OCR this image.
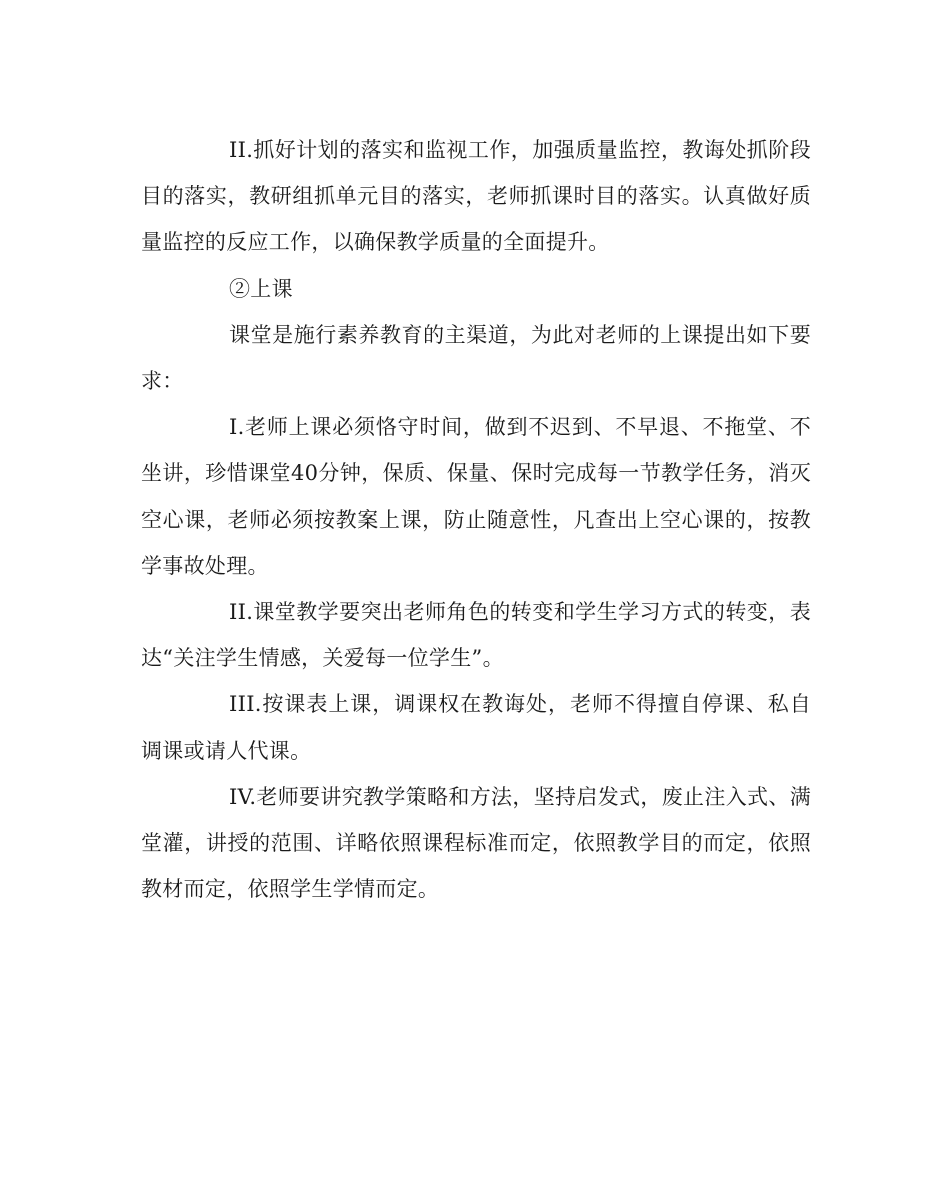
II.抓好计划的落实和监视工作，加强质量监控，教诲处抓阶段目的落实，教研组抓单元目的落实，老师抓课时目的落实。认真做好质量监控的反应工作，以确保教学质量的全面提升。

②上课

课堂是施行素养教育的主渠道，为此对老师的上课提出如下要求：

I.老师上课必须恪守时间，做到不迟到、不早退、不拖堂、不坐讲，珍惜课堂40分钟，保质、保量、保时完成每一节教学任务，消灭空心课，老师必须按教案上课，防止随意性，凡查出上空心课的，按教学事故处理。

II.课堂教学要突出老师角色的转变和学生学习方式的转变，表达“关注学生情感，关爱每一位学生”。

III.按课表上课，调课权在教诲处，老师不得擅自停课、私自调课或请人代课。

IV.老师要讲究教学策略和方法，坚持启发式，废止注入式、满堂灌，讲授的范围、详略依照课程标准而定，依照教学目的而定，依照教材而定，依照学生学情而定。
